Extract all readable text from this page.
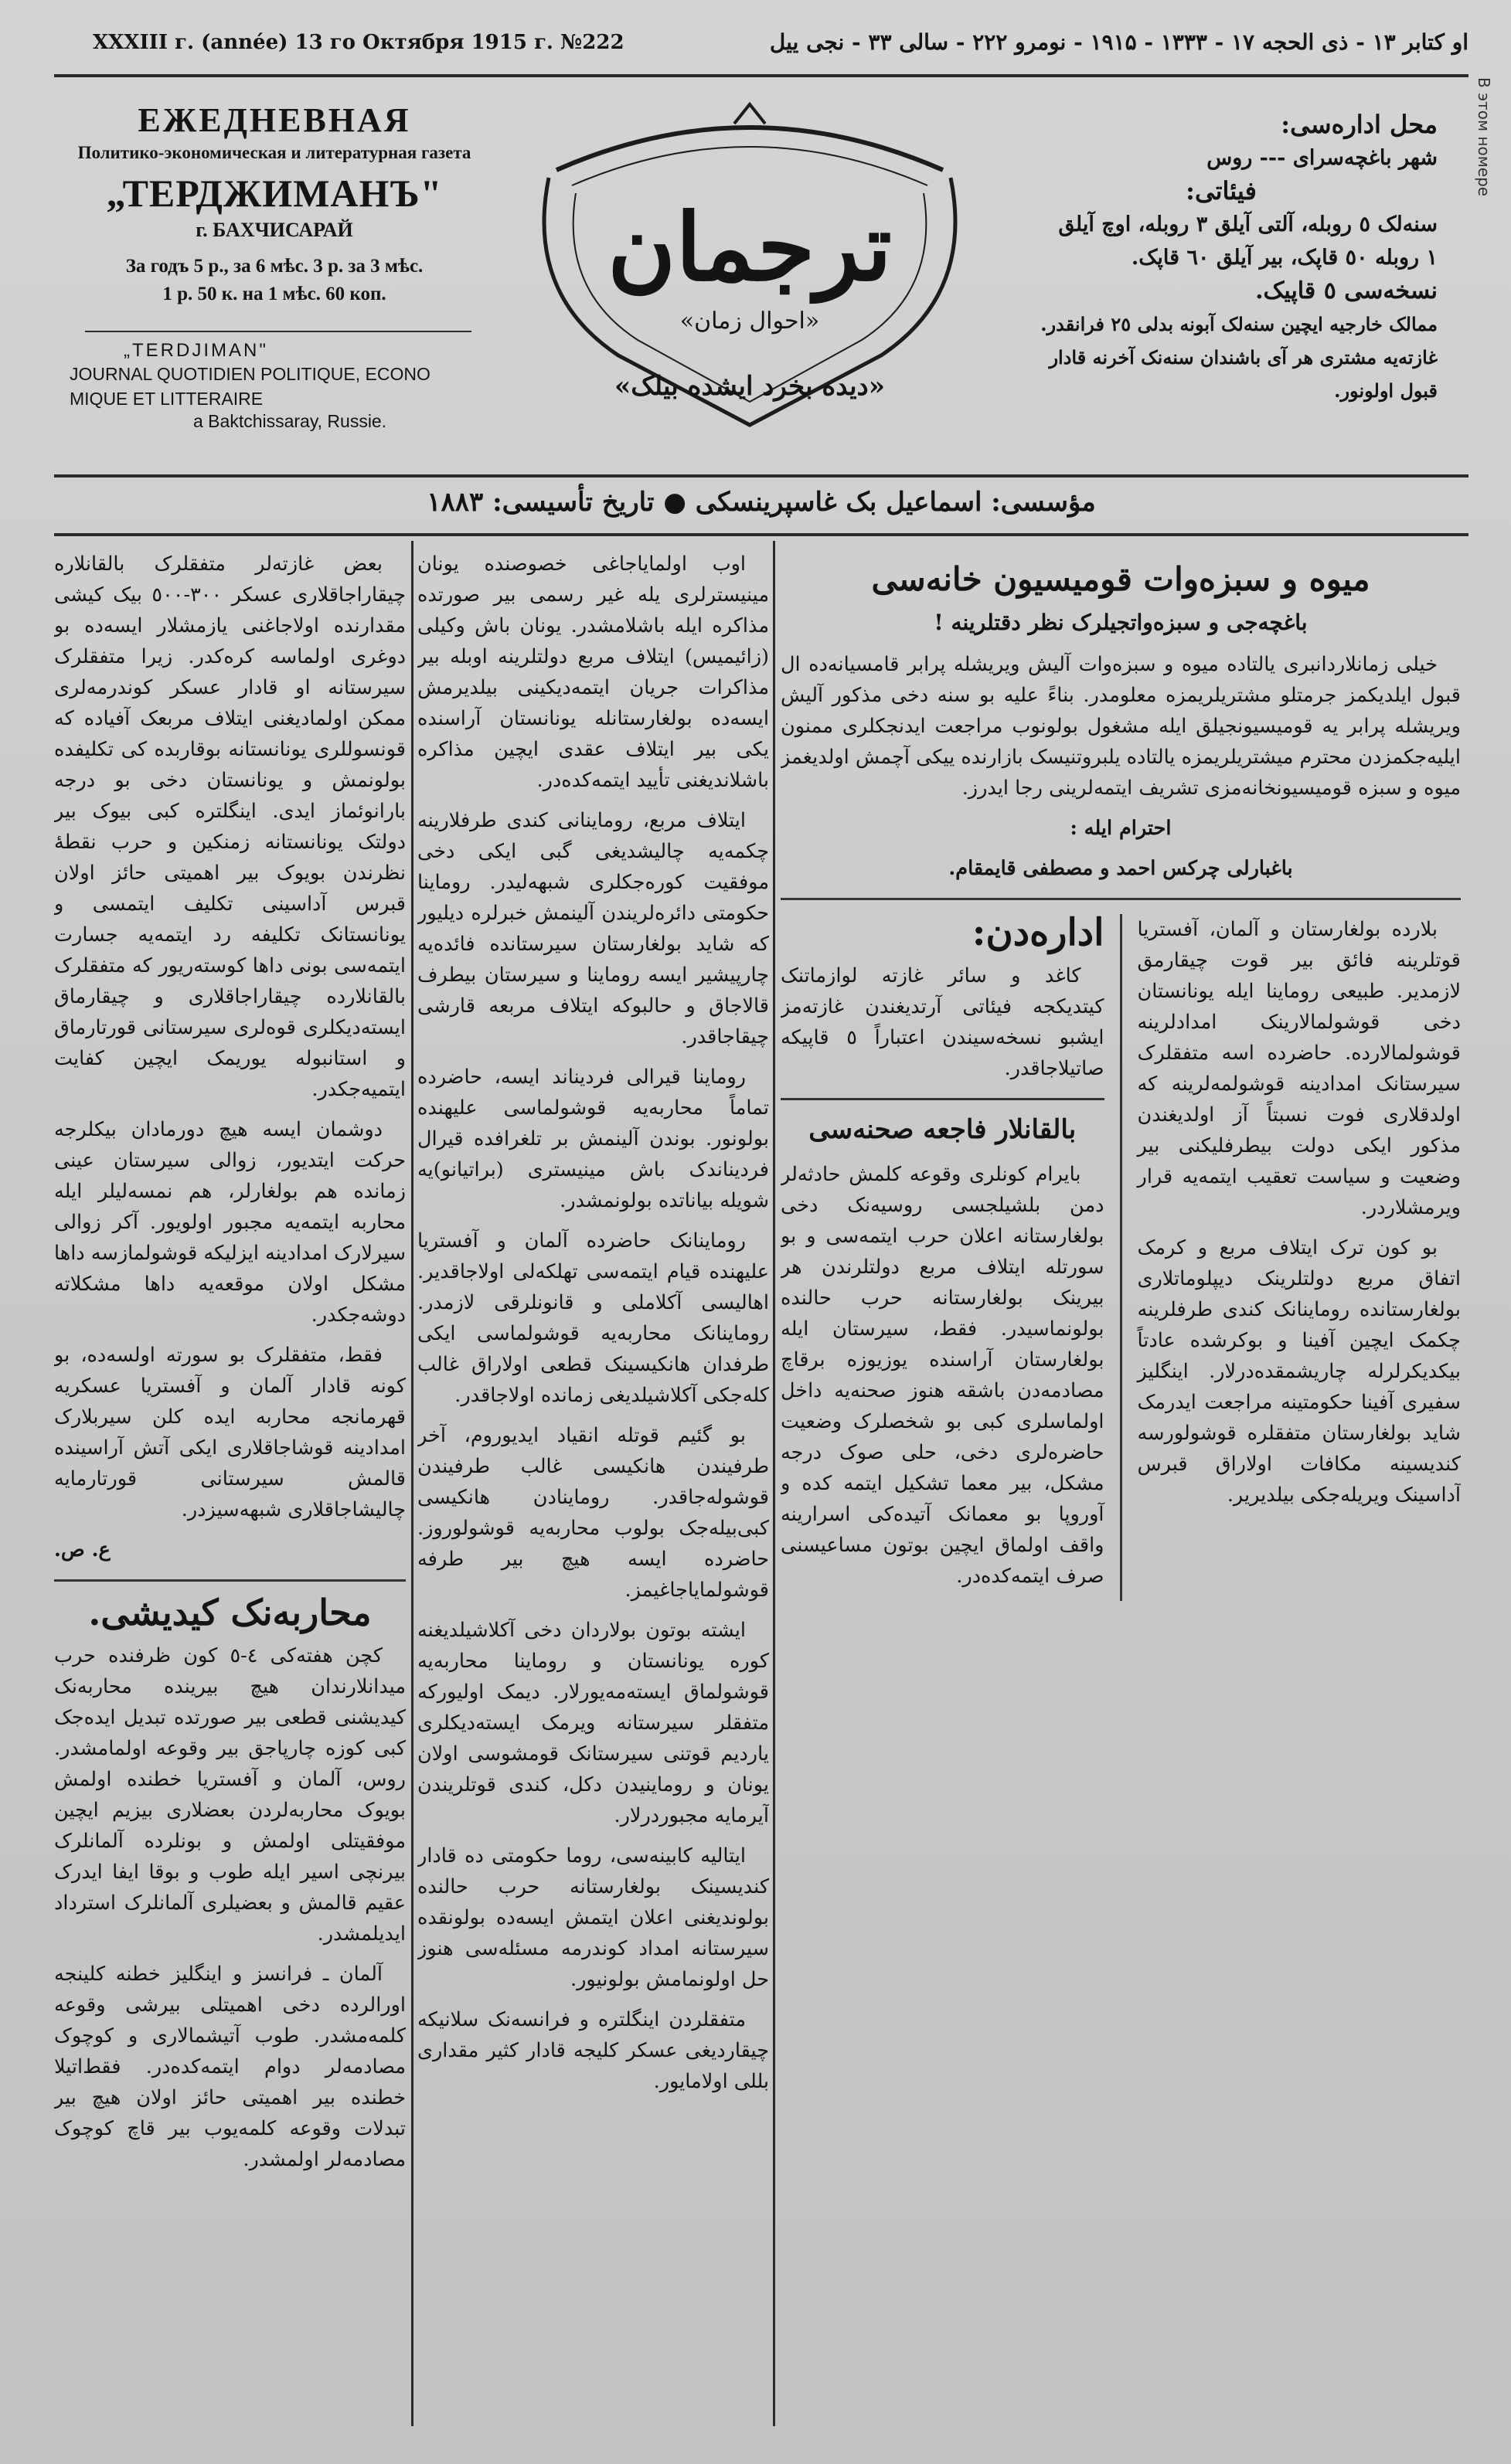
XXXIII г. (année) 13 го Октября 1915 г. №222	او کتابر ۱۳ - ذی الحجه ۱۷ - ۱۳۳۳ - ۱۹۱۵ - نومرو ۲۲۲ - سالی ۳۳ - نجی ییل
ЕЖЕДНЕВНАЯ
Политико-экономическая и литературная газета
„ТЕРДЖИМАНЪ"
г. БАХЧИСАРАЙ
За годъ 5 р., за 6 мѣс. 3 р. за 3 мѣс.
1 р. 50 к. на 1 мѣс. 60 коп.
„TERDJIMAN"
JOURNAL QUOTIDIEN POLITIQUE, ECONO
MIQUE ET LITTERAIRE
a Baktchissaray, Russie.
ترجمان
«احوال زمان»
«دیده بخرد ایشده بیلک»
محل اداره‌سی:
شهر باغچه‌سرای --- روس
فیئاتی:
سنه‌لک ٥ روبله، آلتی آیلق ۳ روبله، اوچ آیلق
۱ روبله ٥٠ قاپک، بیر آیلق ٦٠ قاپک.
نسخه‌سی ٥ قاپیک.
ممالک خارجیه ایچین سنه‌لک آبونه بدلی ۲٥ فرانقدر.
غازته‌یه مشتری هر آی باشندان سنه‌نک آخرنه قادار
قبول اولونور.
В этом номере
مؤسسی: اسماعیل بک غاسپرینسکی ● تاریخ تأسیسی: ۱۸۸۳
میوه و سبزه‌وات قومیسیون خانه‌سی
باغچه‌جی و سبزه‌واتجیلرک نظر دقتلرینه !

خیلی زمانلاردانبری یالتاده میوه و سبزه‌وات آلیش ویریشله پرابر قامسیانه‌ده ال قبول ایلدیکمز جرمتلو مشتریلریمزه معلومدر. بناءً علیه بو سنه دخی مذکور آلیش ویریشله پرابر یه قومیسیونجیلق ایله مشغول بولونوب مراجعت ایدنجکلری ممنون ایلیه‌جکمزدن محترم میشتریلریمزه یالتاده یلبروتنیسک بازارنده ییکی آچمش اولدیغمز میوه و سبزه قومیسیونخانه‌مزی تشریف ایتمه‌لرینی رجا ایدرز.

احترام ایله :

باغبارلی چرکس احمد و مصطفی قایمقام.

بلارده بولغارستان و آلمان، آفستریا قوتلرینه فائق بیر قوت چیقارمق لازمدیر. طبیعی روماینا ایله یونانستان دخی قوشولمالارینک امدادلرینه قوشولمالارده. حاضرده اسه متفقلرک سیرستانک امدادینه قوشولمه‌لرینه که اولدقلاری فوت نسبتاً آز اولدیغندن مذکور ایکی دولت بیطرفلیکنی بیر وضعیت و سیاست تعقیب ایتمه‌یه قرار ویرمشلاردر.

بو کون ترک ایتلاف مربع و کرمک اتفاق مربع دولتلرینک دیپلوماتلاری بولغارستانده روماینانک کندی طرفلرینه چکمک ایچین آفینا و بوکرشده عادتاً بیکدیکرلرله چاریشمقده‌درلار. اینگلیز سفیری آفینا حکومتینه مراجعت ایدرمک شاید بولغارستان متفقلره قوشولورسه کندیسینه مکافات اولاراق قبرس آداسینک ویریله‌جکی بیلدیریر.

اداره‌دن:

کاغد و سائر غازته لوازماتنک کیتدیکجه فیئاتی آرتدیغندن غازته‌مز ایشبو نسخه‌سیندن اعتباراً ٥ قاپیکه صاتیلاجاقدر.

بالقانلار فاجعه صحنه‌سی

بایرام کونلری وقوعه کلمش حادثه‌لر دمن بلشیلجسی روسیه‌نک دخی بولغارستانه اعلان حرب ایتمه‌سی و بو سورتله ایتلاف مربع دولتلرندن هر بیرینک بولغارستانه حرب حالنده بولونماسیدر. فقط، سیرستان ایله بولغارستان آراسنده یوزیوزه برقاچ مصادمه‌دن باشقه هنوز صحنه‌یه داخل اولماسلری کبی بو شخصلرک وضعیت حاضره‌لری دخی، حلی صوک درجه مشکل، بیر معما تشکیل ایتمه کده و آوروپا بو معمانک آتیده‌کی اسرارینه واقف اولماق ایچین بوتون مساعیسنی صرف ایتمه‌کده‌در.

اوب اولمایاجاغی خصوصنده یونان مینیسترلری یله غیر رسمی بیر صورتده مذاکره ایله باشلامشدر. یونان باش وکیلی (زائیمیس) ایتلاف مربع دولتلرینه اوبله بیر مذاکرات جریان ایتمه‌دیکینی بیلدیرمش ایسه‌ده بولغارستانله یونانستان آراسنده یکی بیر ایتلاف عقدی ایچین مذاکره باشلاندیغنی تأیید ایتمه‌کده‌در.

ایتلاف مربع، روماینانی کندی طرفلارینه چکمه‌یه چالیشدیغی گبی ایکی دخی موفقیت کوره‌جکلری شبهه‌لیدر. روماینا حکومتی دائره‌لریندن آلینمش خبرلره دیلیور که شاید بولغارستان سیرستانده فائده‌یه چارپیشیر ایسه روماینا و سیرستان بیطرف قالاجاق و حالبوکه ایتلاف مربعه قارشی چیقاجاقدر.

روماینا قیرالی فردیناند ایسه، حاضرده تماماً محاربه‌یه قوشولماسی علیهنده بولونور. بوندن آلینمش بر تلغرافده قیرال فردیناندک باش مینیستری (براتیانو)یه شویله بیاناتده بولونمشدر.

روماینانک حاضرده آلمان و آفستریا علیهنده قیام ایتمه‌سی تهلکه‌لی اولاجاقدیر. اهالیسی آکلاملی و قانونلرقی لازمدر. روماینانک محاربه‌یه قوشولماسی ایکی طرفدان هانکیسینک قطعی اولاراق غالب کله‌جکی آکلاشیلدیغی زمانده اولاجاقدر.

بو گئیم قوتله انقیاد ایدیوروم، آخر طرفیندن هانکیسی غالب طرفیندن قوشوله‌جاقدر. روماینادن هانکیسی کبی‌بیله‌جک بولوب محاربه‌یه قوشولوروز. حاضرده ایسه هیچ بیر طرفه قوشولمایاجاغیمز.

ایشته بوتون بولاردان دخی آکلاشیلدیغنه کوره یونانستان و روماینا محاربه‌یه قوشولماق ایسته‌مه‌یورلار. دیمک اولیورکه متفقلر سیرستانه ویرمک ایسته‌دیکلری یاردیم قوتنی سیرستانک قومشوسی اولان یونان و روماینیدن دکل، کندی قوتلریندن آیرمایه مجبوردرلار.

ایتالیه کابینه‌سی، روما حکومتی ده قادار کندیسینک بولغارستانه حرب حالنده بولوندیغنی اعلان ایتمش ایسه‌ده بولونقده سیرستانه امداد کوندرمه مسئله‌سی هنوز حل اولونمامش بولونیور.

متفقلردن اینگلتره و فرانسه‌نک سلانیکه چیقاردیغی عسکر کلیجه قادار کثیر مقداری بللی اولامایور.

بعض غازته‌لر متفقلرک بالقانلاره چیقاراجاقلاری عسکر ۳۰٠-٥٠٠ بیک کیشی مقدارنده اولاجاغنی یازمشلار ایسه‌ده بو دوغری اولماسه کره‌کدر. زیرا متفقلرک سیرستانه او قادار عسکر کوندرمه‌لری ممکن اولمادیغنی ایتلاف مربعک آفیاده که قونسوللری یونانستانه بوقاربده کی تکلیفده بولونمش و یونانستان دخی بو درجه بارانوئماز ایدی. اینگلتره کبی بیوک بیر دولتک یونانستانه زمنکین و حرب نقطهٔ نظرندن بویوک بیر اهمیتی حائز اولان قبرس آداسینی تکلیف ایتمسی و یونانستانک تکلیفه رد ایتمه‌یه جسارت ایتمه‌سی بونی داها کوسته‌ریور که متفقلرک بالقانلارده چیقاراجاقلاری و چیقارماق ایسته‌دیکلری قوه‌لری سیرستانی قورتارماق و استانبوله یوریمک ایچین کفایت ایتمیه‌جکدر.

دوشمان ایسه هیچ دورمادان بیکلرجه حرکت ایتدیور، زوالی سیرستان عینی زمانده هم بولغارلر، هم نمسه‌لیلر ایله محاربه ایتمه‌یه مجبور اولویور. آکر زوالی سیرلارک امدادینه ایزلیکه قوشولمازسه داها مشکل اولان موقعه‌یه داها مشکلاته دوشه‌جکدر.

فقط، متفقلرک بو سورته اولسه‌ده، بو کونه قادار آلمان و آفستریا عسکریه قهرمانجه محاربه ایده کلن سیربلارک امدادینه قوشاجاقلاری ایکی آتش آراسینده قالمش سیرستانی قورتارمایه چالیشاجاقلاری شبهه‌سیزدر.

ع. ص.

محاربه‌نک کیدیشی.

کچن هفته‌کی ٤-٥ کون ظرفنده حرب میدانلارندان هیچ بیرینده محاربه‌نک کیدیشنی قطعی بیر صورتده تبدیل ایده‌جک کبی کوزه چارپاجق بیر وقوعه اولمامشدر. روس، آلمان و آفستریا خطنده اولمش بویوک محاربه‌لردن بعضلاری بیزیم ایچین موفقیتلی اولمش و بونلرده آلمانلرک بیرنچی اسیر ایله طوب و بوقا ایفا ایدرک عقیم قالمش و بعضیلری آلمانلرک استرداد ایدیلمشدر.

آلمان ـ فرانسز و اینگلیز خطنه کلینجه اورالرده دخی اهمیتلی بیرشی وقوعه کلمه‌مشدر. طوب آتیشمالاری و کوچوک مصادمه‌لر دوام ایتمه‌کده‌در. فقط‌اتیلا خطنده بیر اهمیتی حائز اولان هیچ بیر تبدلات وقوعه کلمه‌یوب بیر قاچ کوچوک مصادمه‌لر اولمشدر.
